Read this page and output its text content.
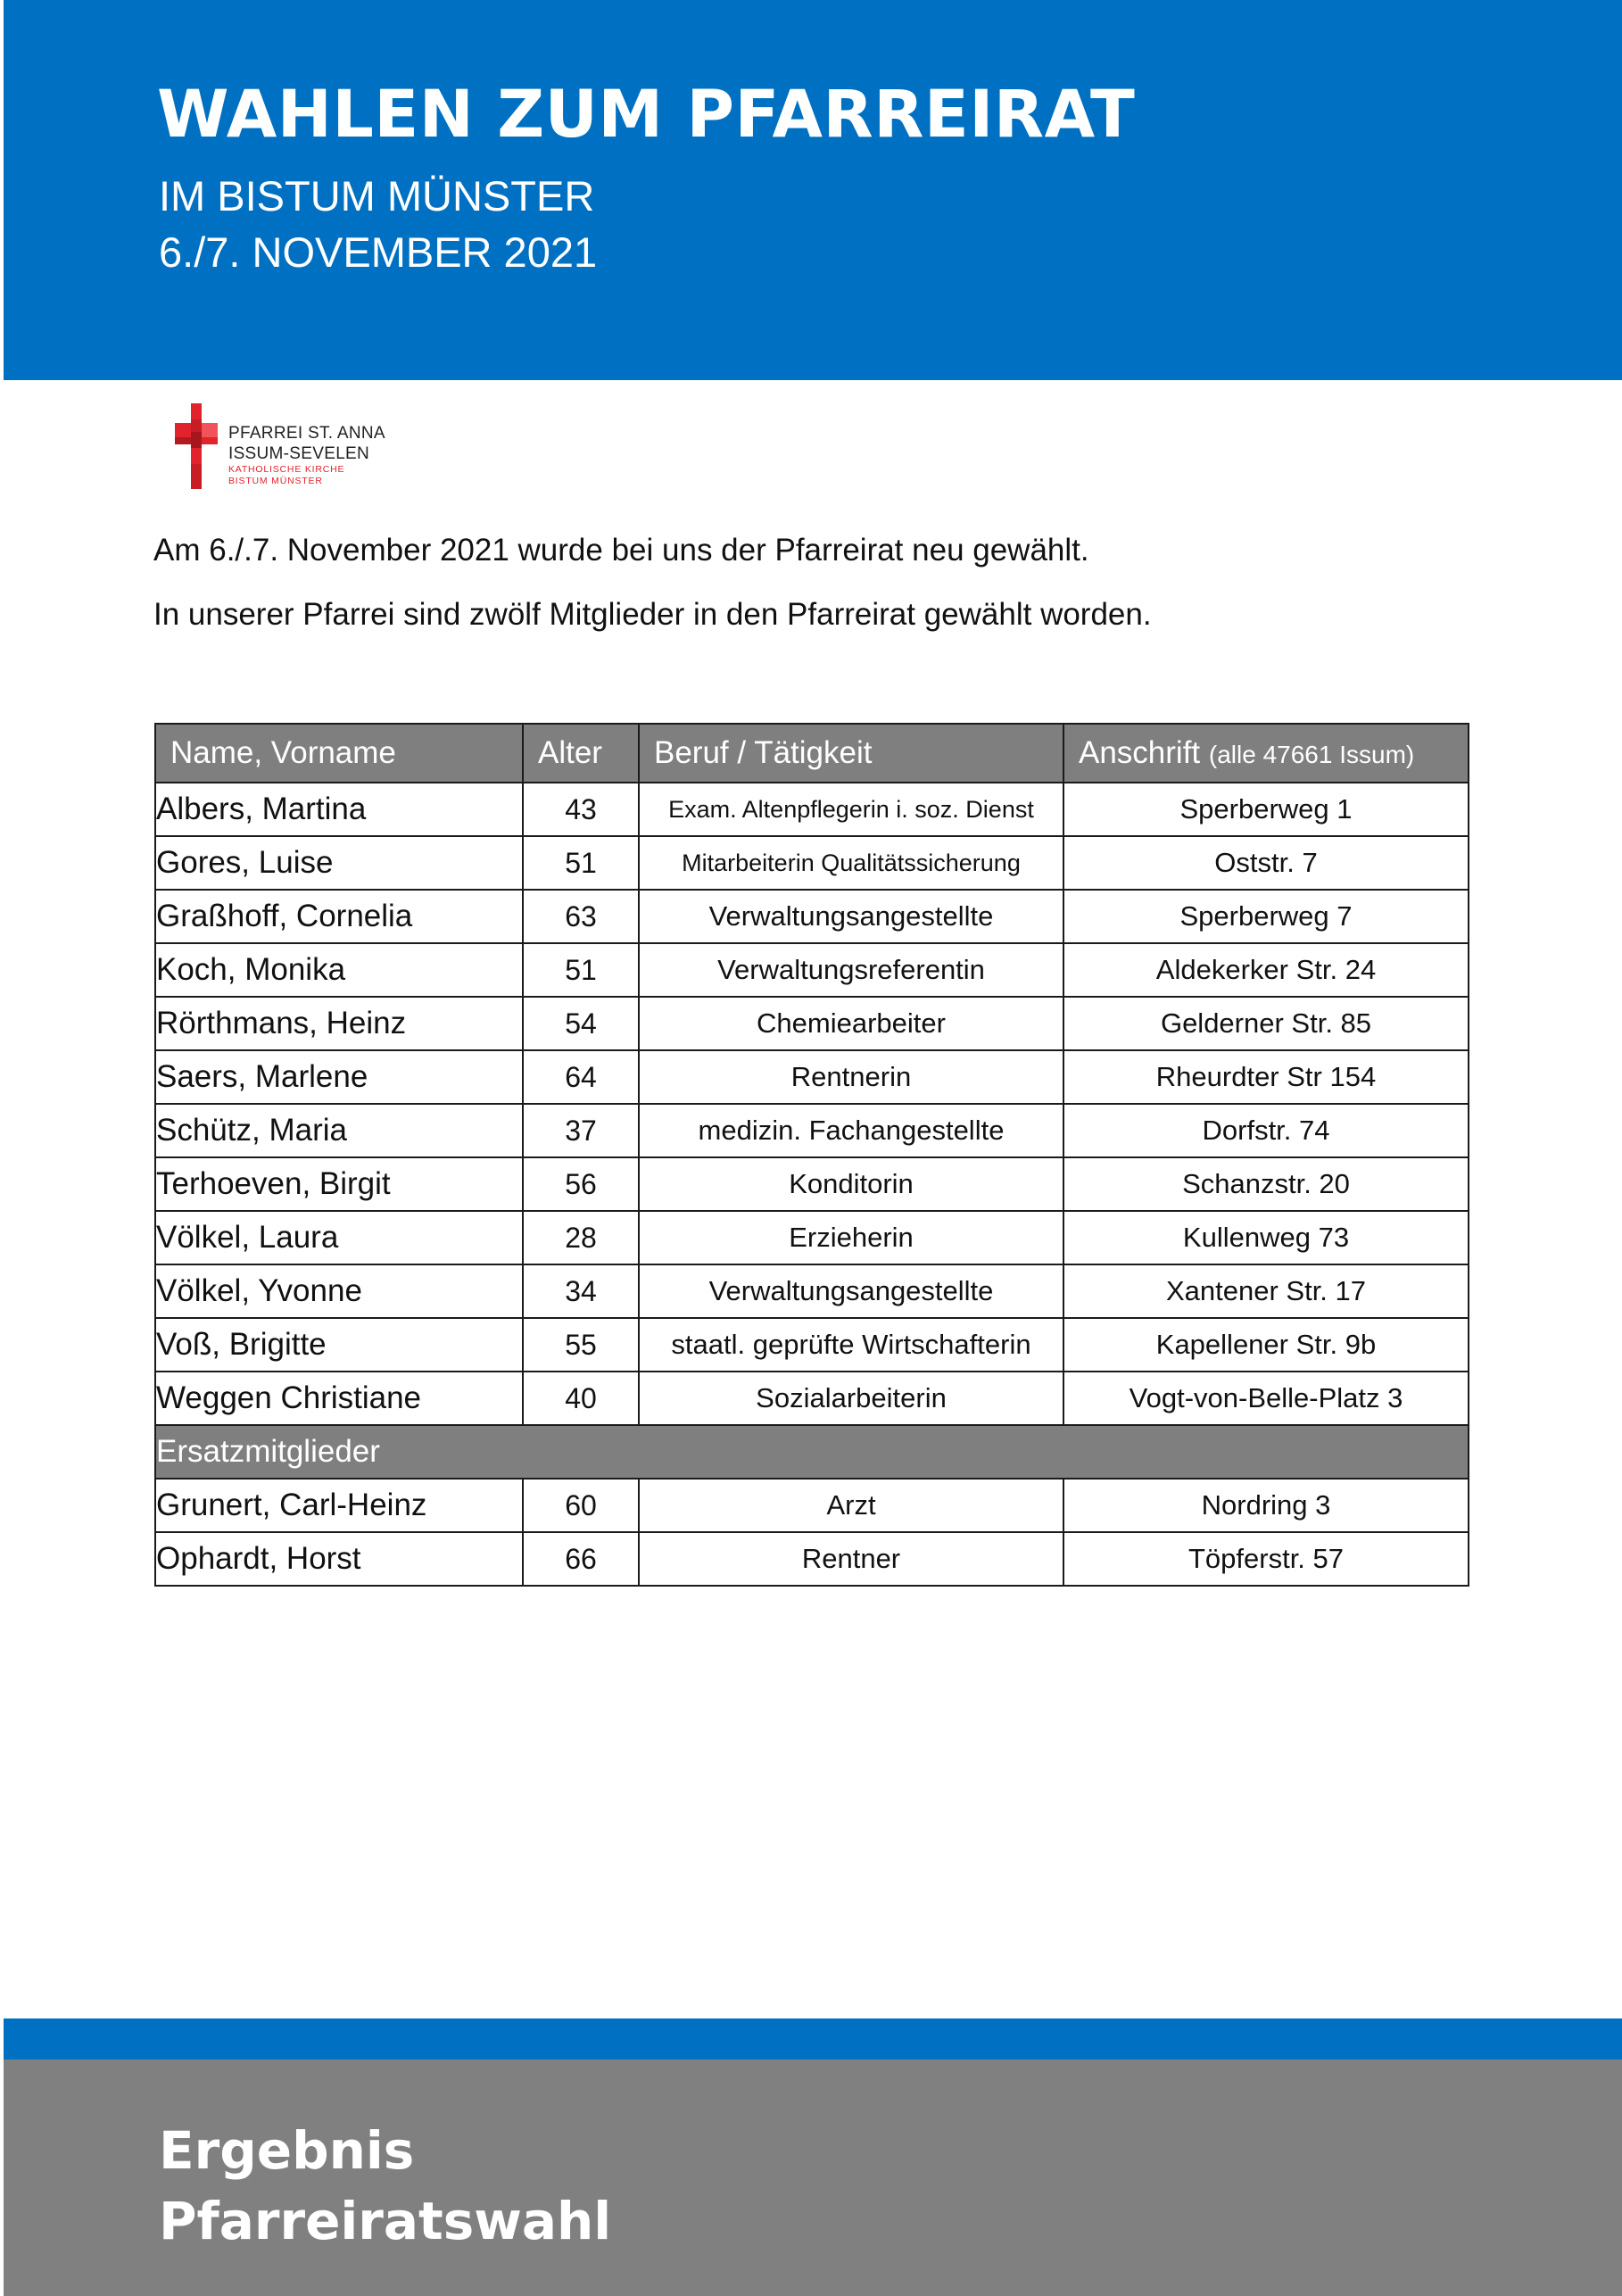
WAHLEN ZUM PFARREIRAT
IM BISTUM MÜNSTER
6./7. NOVEMBER 2021
PFARREI ST. ANNA
ISSUM-SEVELEN
KATHOLISCHE KIRCHE
BISTUM MÜNSTER
Am 6./.7. November 2021 wurde bei uns der Pfarreirat neu gewählt.
In unserer Pfarrei sind zwölf Mitglieder in den Pfarreirat gewählt worden.
Name, Vorname	Alter	Beruf / Tätigkeit	Anschrift (alle 47661 Issum)
Albers, Martina	43	Exam. Altenpflegerin i. soz. Dienst	Sperberweg 1
Gores, Luise	51	Mitarbeiterin Qualitätssicherung	Oststr. 7
Graßhoff, Cornelia	63	Verwaltungsangestellte	Sperberweg 7
Koch, Monika	51	Verwaltungsreferentin	Aldekerker Str. 24
Rörthmans, Heinz	54	Chemiearbeiter	Gelderner Str. 85
Saers, Marlene	64	Rentnerin	Rheurdter Str 154
Schütz, Maria	37	medizin. Fachangestellte	Dorfstr. 74
Terhoeven, Birgit	56	Konditorin	Schanzstr. 20
Völkel, Laura	28	Erzieherin	Kullenweg 73
Völkel, Yvonne	34	Verwaltungsangestellte	Xantener Str. 17
Voß, Brigitte	55	staatl. geprüfte Wirtschafterin	Kapellener Str. 9b
Weggen Christiane	40	Sozialarbeiterin	Vogt-von-Belle-Platz 3
Ersatzmitglieder			
Grunert, Carl-Heinz	60	Arzt	Nordring 3
Ophardt, Horst	66	Rentner	Töpferstr. 57
Ergebnis
Pfarreiratswahl
